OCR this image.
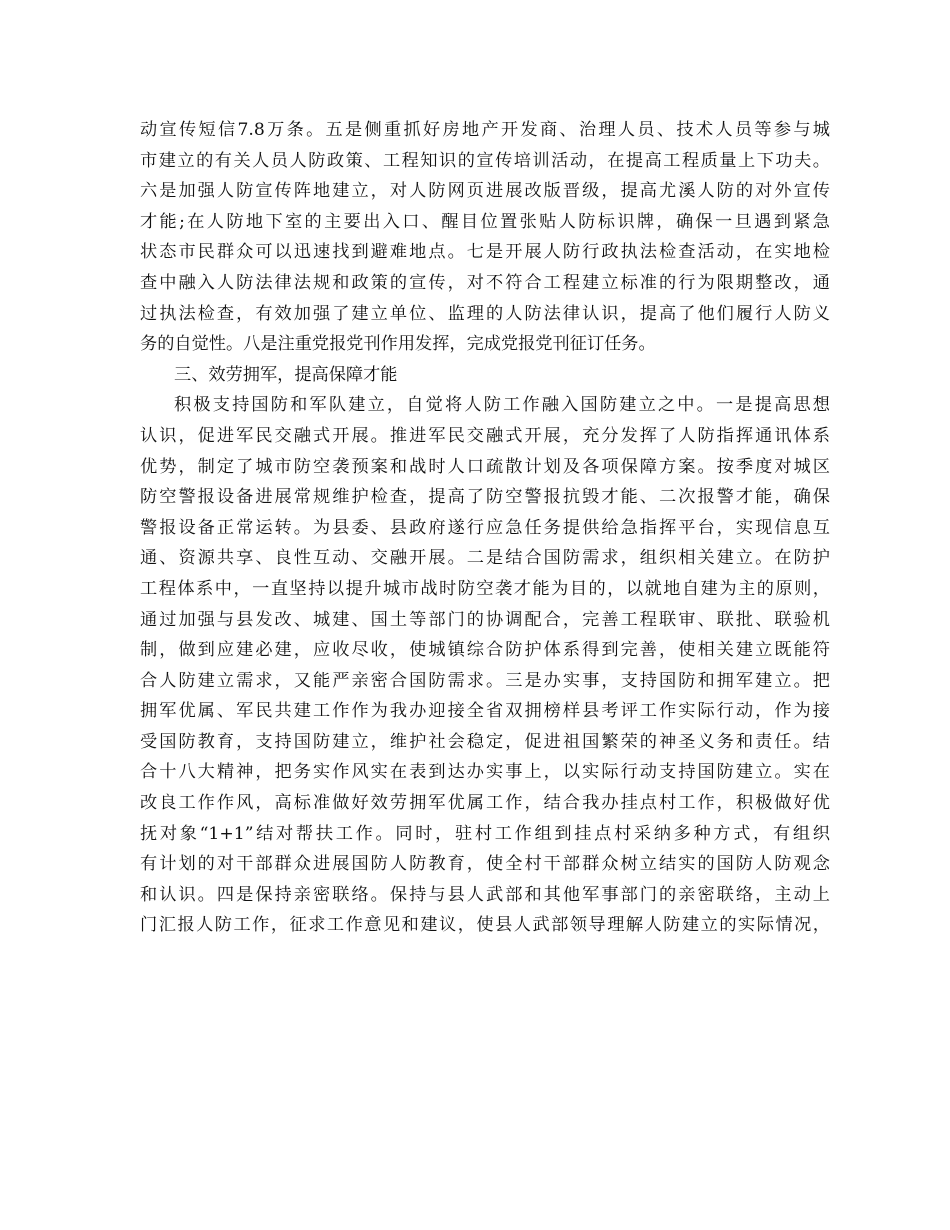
动宣传短信7.8万条。五是侧重抓好房地产开发商、治理人员、技术人员等参与城
市建立的有关人员人防政策、工程知识的宣传培训活动，在提高工程质量上下功夫。
六是加强人防宣传阵地建立，对人防网页进展改版晋级，提高尤溪人防的对外宣传
才能;在人防地下室的主要出入口、醒目位置张贴人防标识牌，确保一旦遇到紧急
状态市民群众可以迅速找到避难地点。七是开展人防行政执法检查活动，在实地检
查中融入人防法律法规和政策的宣传，对不符合工程建立标准的行为限期整改，通
过执法检查，有效加强了建立单位、监理的人防法律认识，提高了他们履行人防义
务的自觉性。八是注重党报党刊作用发挥，完成党报党刊征订任务。
三、效劳拥军，提高保障才能
积极支持国防和军队建立，自觉将人防工作融入国防建立之中。一是提高思想
认识，促进军民交融式开展。推进军民交融式开展，充分发挥了人防指挥通讯体系
优势，制定了城市防空袭预案和战时人口疏散计划及各项保障方案。按季度对城区
防空警报设备进展常规维护检查，提高了防空警报抗毁才能、二次报警才能，确保
警报设备正常运转。为县委、县政府遂行应急任务提供给急指挥平台，实现信息互
通、资源共享、良性互动、交融开展。二是结合国防需求，组织相关建立。在防护
工程体系中，一直坚持以提升城市战时防空袭才能为目的，以就地自建为主的原则，
通过加强与县发改、城建、国土等部门的协调配合，完善工程联审、联批、联验机
制，做到应建必建，应收尽收，使城镇综合防护体系得到完善，使相关建立既能符
合人防建立需求，又能严亲密合国防需求。三是办实事，支持国防和拥军建立。把
拥军优属、军民共建工作作为我办迎接全省双拥榜样县考评工作实际行动，作为接
受国防教育，支持国防建立，维护社会稳定，促进祖国繁荣的神圣义务和责任。结
合十八大精神，把务实作风实在表到达办实事上，以实际行动支持国防建立。实在
改良工作作风，高标准做好效劳拥军优属工作，结合我办挂点村工作，积极做好优
抚对象“1+1”结对帮扶工作。同时，驻村工作组到挂点村采纳多种方式，有组织
有计划的对干部群众进展国防人防教育，使全村干部群众树立结实的国防人防观念
和认识。四是保持亲密联络。保持与县人武部和其他军事部门的亲密联络，主动上
门汇报人防工作，征求工作意见和建议，使县人武部领导理解人防建立的实际情况，
